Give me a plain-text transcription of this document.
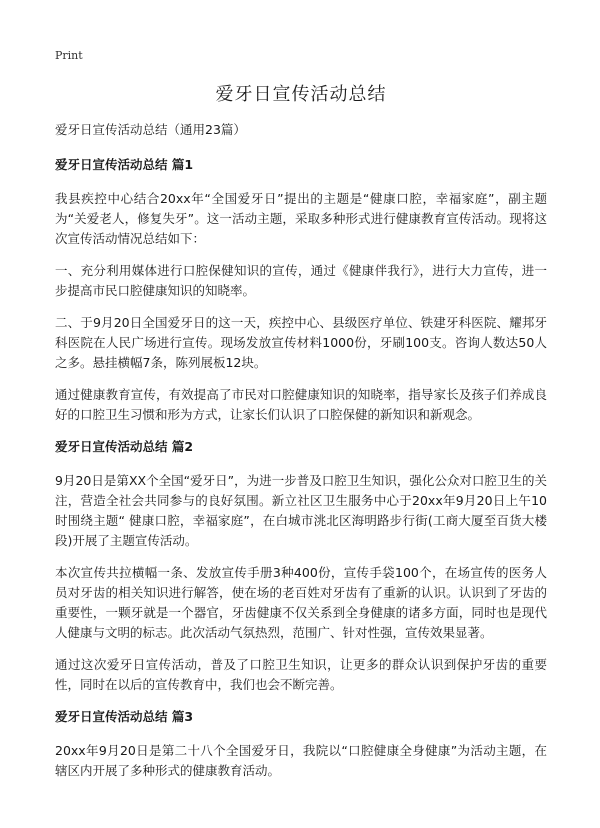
Print
爱牙日宣传活动总结
爱牙日宣传活动总结（通用23篇）
爱牙日宣传活动总结 篇1

我县疾控中心结合20xx年“全国爱牙日”提出的主题是“健康口腔，幸福家庭”，副主题为“关爱老人，修复失牙”。这一活动主题，采取多种形式进行健康教育宣传活动。现将这次宣传活动情况总结如下：

一、充分利用媒体进行口腔保健知识的宣传，通过《健康伴我行》，进行大力宣传，进一步提高市民口腔健康知识的知晓率。

二、于9月20日全国爱牙日的这一天，疾控中心、县级医疗单位、铁建牙科医院、耀邦牙科医院在人民广场进行宣传。现场发放宣传材料1000份，牙刷100支。咨询人数达50人之多。悬挂横幅7条，陈列展板12块。

通过健康教育宣传，有效提高了市民对口腔健康知识的知晓率，指导家长及孩子们养成良好的口腔卫生习惯和形为方式，让家长们认识了口腔保健的新知识和新观念。

爱牙日宣传活动总结 篇2

9月20日是第XX个全国“爱牙日”，为进一步普及口腔卫生知识，强化公众对口腔卫生的关注，营造全社会共同参与的良好氛围。新立社区卫生服务中心于20xx年9月20日上午10时围绕主题“ 健康口腔，幸福家庭”，在白城市洮北区海明路步行街(工商大厦至百货大楼段)开展了主题宣传活动。

本次宣传共拉横幅一条、发放宣传手册3种400份，宣传手袋100个，在场宣传的医务人员对牙齿的相关知识进行解答，使在场的老百姓对牙齿有了重新的认识。认识到了牙齿的重要性，一颗牙就是一个器官，牙齿健康不仅关系到全身健康的诸多方面，同时也是现代人健康与文明的标志。此次活动气氛热烈，范围广、针对性强，宣传效果显著。

通过这次爱牙日宣传活动，普及了口腔卫生知识，让更多的群众认识到保护牙齿的重要性，同时在以后的宣传教育中，我们也会不断完善。

爱牙日宣传活动总结 篇3

20xx年9月20日是第二十八个全国爱牙日，我院以“口腔健康全身健康”为活动主题，在辖区内开展了多种形式的健康教育活动。
